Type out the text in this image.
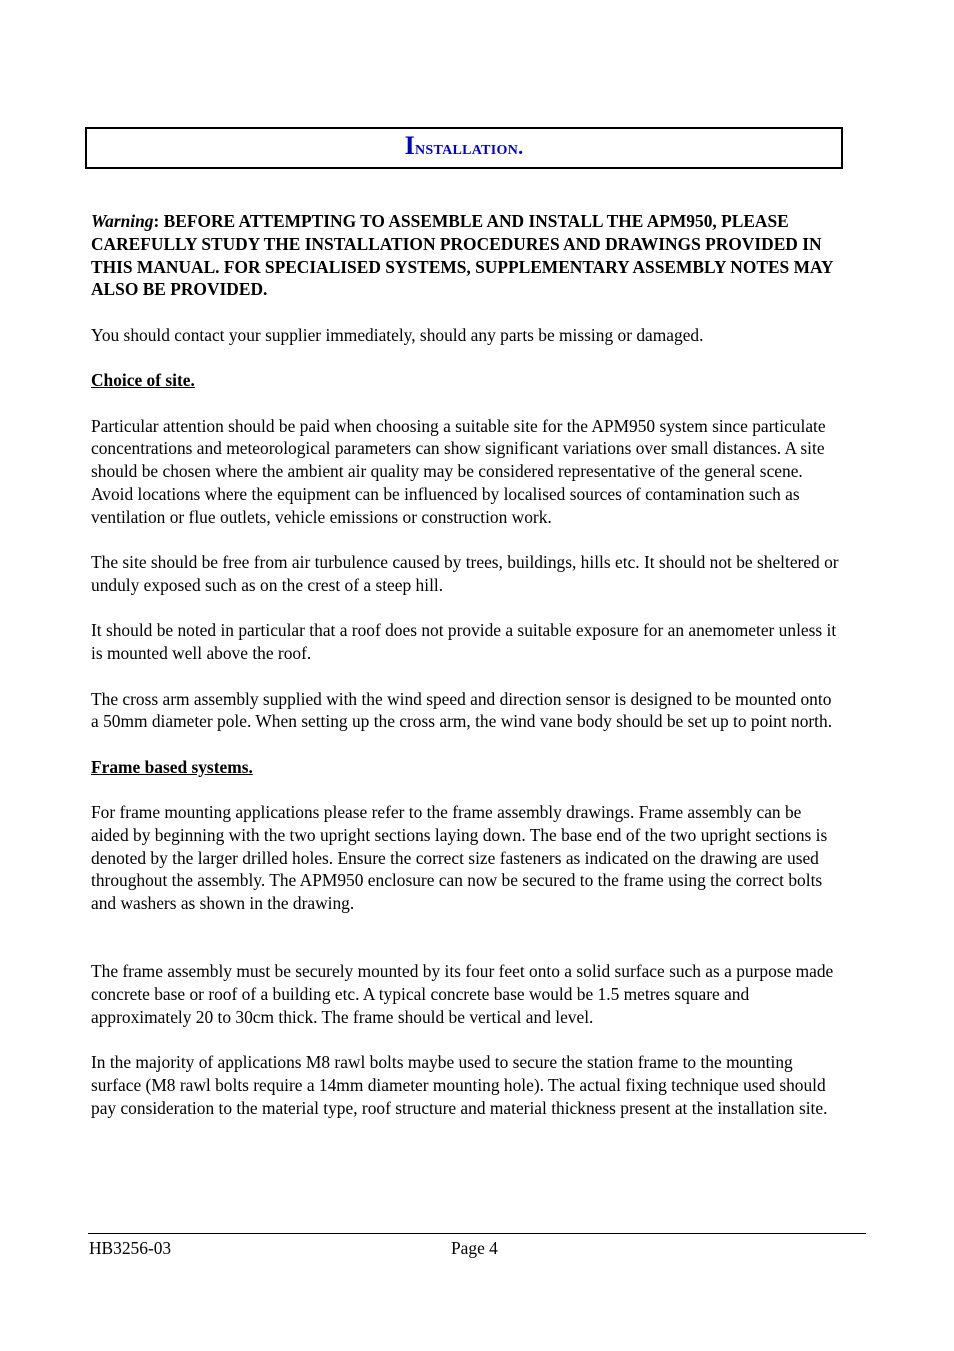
Installation.

Warning: BEFORE ATTEMPTING TO ASSEMBLE AND INSTALL THE APM950, PLEASE CAREFULLY STUDY THE INSTALLATION PROCEDURES AND DRAWINGS PROVIDED IN THIS MANUAL. FOR SPECIALISED SYSTEMS, SUPPLEMENTARY ASSEMBLY NOTES MAY ALSO BE PROVIDED.

You should contact your supplier immediately, should any parts be missing or damaged.

Choice of site.

Particular attention should be paid when choosing a suitable site for the APM950 system since particulate concentrations and meteorological parameters can show significant variations over small distances. A site should be chosen where the ambient air quality may be considered representative of the general scene. Avoid locations where the equipment can be influenced by localised sources of contamination such as ventilation or flue outlets, vehicle emissions or construction work.

The site should be free from air turbulence caused by trees, buildings, hills etc. It should not be sheltered or unduly exposed such as on the crest of a steep hill.

It should be noted in particular that a roof does not provide a suitable exposure for an anemometer unless it is mounted well above the roof.

The cross arm assembly supplied with the wind speed and direction sensor is designed to be mounted onto a 50mm diameter pole. When setting up the cross arm, the wind vane body should be set up to point north.

Frame based systems.

For frame mounting applications please refer to the frame assembly drawings. Frame assembly can be aided by beginning with the two upright sections laying down. The base end of the two upright sections is denoted by the larger drilled holes. Ensure the correct size fasteners as indicated on the drawing are used throughout the assembly. The APM950 enclosure can now be secured to the frame using the correct bolts and washers as shown in the drawing.

The frame assembly must be securely mounted by its four feet onto a solid surface such as a purpose made concrete base or roof of a building etc. A typical concrete base would be 1.5 metres square and approximately 20 to 30cm thick. The frame should be vertical and level.

In the majority of applications M8 rawl bolts maybe used to secure the station frame to the mounting surface (M8 rawl bolts require a 14mm diameter mounting hole). The actual fixing technique used should pay consideration to the material type, roof structure and material thickness present at the installation site.

HB3256-03	Page 4
